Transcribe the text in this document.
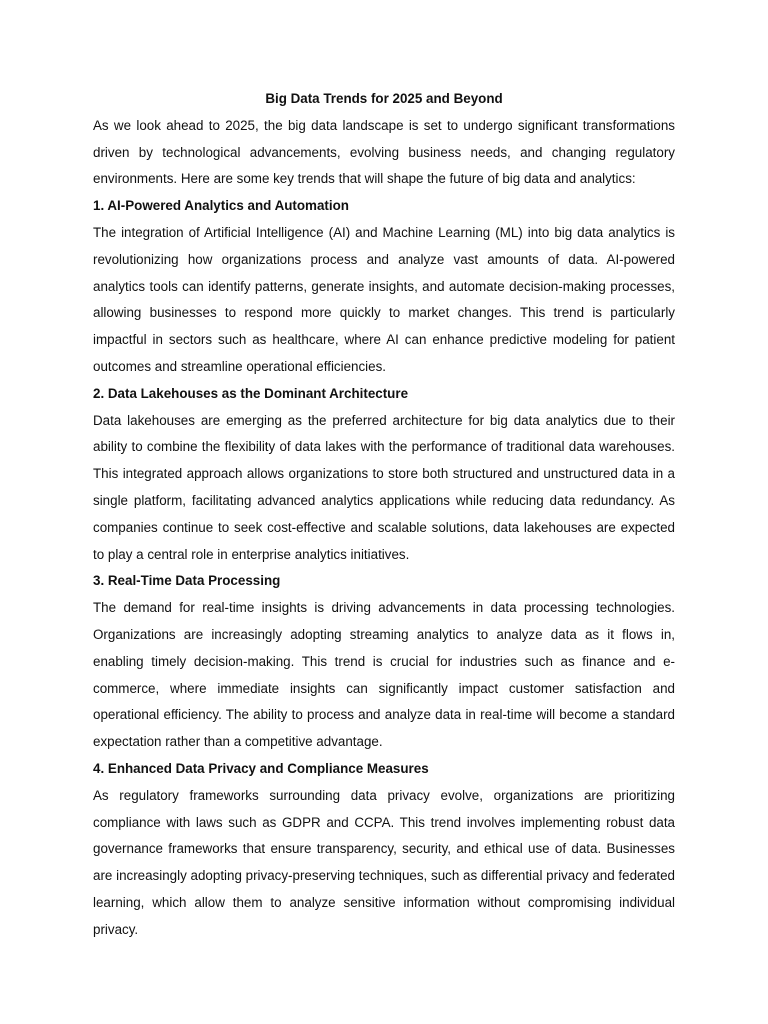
Big Data Trends for 2025 and Beyond

As we look ahead to 2025, the big data landscape is set to undergo significant transformations driven by technological advancements, evolving business needs, and changing regulatory environments. Here are some key trends that will shape the future of big data and analytics:

1. AI-Powered Analytics and Automation

The integration of Artificial Intelligence (AI) and Machine Learning (ML) into big data analytics is revolutionizing how organizations process and analyze vast amounts of data. AI-powered analytics tools can identify patterns, generate insights, and automate decision-making processes, allowing businesses to respond more quickly to market changes. This trend is particularly impactful in sectors such as healthcare, where AI can enhance predictive modeling for patient outcomes and streamline operational efficiencies.

2. Data Lakehouses as the Dominant Architecture

Data lakehouses are emerging as the preferred architecture for big data analytics due to their ability to combine the flexibility of data lakes with the performance of traditional data warehouses. This integrated approach allows organizations to store both structured and unstructured data in a single platform, facilitating advanced analytics applications while reducing data redundancy. As companies continue to seek cost-effective and scalable solutions, data lakehouses are expected to play a central role in enterprise analytics initiatives.

3. Real-Time Data Processing

The demand for real-time insights is driving advancements in data processing technologies. Organizations are increasingly adopting streaming analytics to analyze data as it flows in, enabling timely decision-making. This trend is crucial for industries such as finance and e-commerce, where immediate insights can significantly impact customer satisfaction and operational efficiency. The ability to process and analyze data in real-time will become a standard expectation rather than a competitive advantage.

4. Enhanced Data Privacy and Compliance Measures

As regulatory frameworks surrounding data privacy evolve, organizations are prioritizing compliance with laws such as GDPR and CCPA. This trend involves implementing robust data governance frameworks that ensure transparency, security, and ethical use of data. Businesses are increasingly adopting privacy-preserving techniques, such as differential privacy and federated learning, which allow them to analyze sensitive information without compromising individual privacy.
